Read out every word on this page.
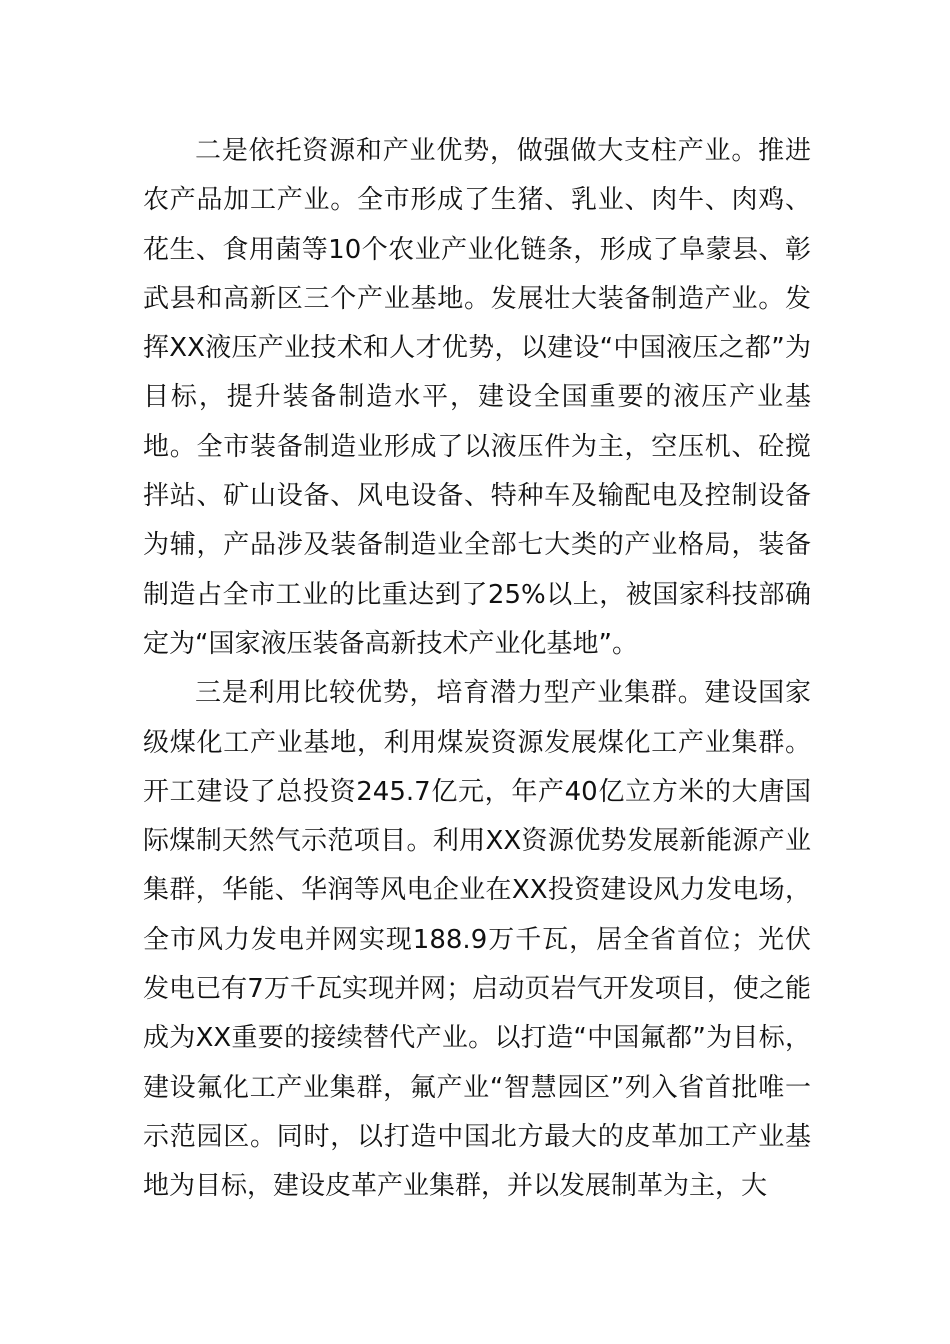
二是依托资源和产业优势，做强做大支柱产业。推进农产品加工产业。全市形成了生猪、乳业、肉牛、肉鸡、花生、食用菌等10个农业产业化链条，形成了阜蒙县、彰武县和高新区三个产业基地。发展壮大装备制造产业。发挥XX液压产业技术和人才优势，以建设“中国液压之都”为目标，提升装备制造水平，建设全国重要的液压产业基地。全市装备制造业形成了以液压件为主，空压机、砼搅拌站、矿山设备、风电设备、特种车及输配电及控制设备为辅，产品涉及装备制造业全部七大类的产业格局，装备制造占全市工业的比重达到了25%以上，被国家科技部确定为“国家液压装备高新技术产业化基地”。

三是利用比较优势，培育潜力型产业集群。建设国家级煤化工产业基地，利用煤炭资源发展煤化工产业集群。开工建设了总投资245.7亿元，年产40亿立方米的大唐国际煤制天然气示范项目。利用XX资源优势发展新能源产业集群，华能、华润等风电企业在XX投资建设风力发电场，全市风力发电并网实现188.9万千瓦，居全省首位；光伏发电已有7万千瓦实现并网；启动页岩气开发项目，使之能成为XX重要的接续替代产业。以打造“中国氟都”为目标，建设氟化工产业集群，氟产业“智慧园区”列入省首批唯一示范园区。同时，以打造中国北方最大的皮革加工产业基地为目标，建设皮革产业集群，并以发展制革为主，大
